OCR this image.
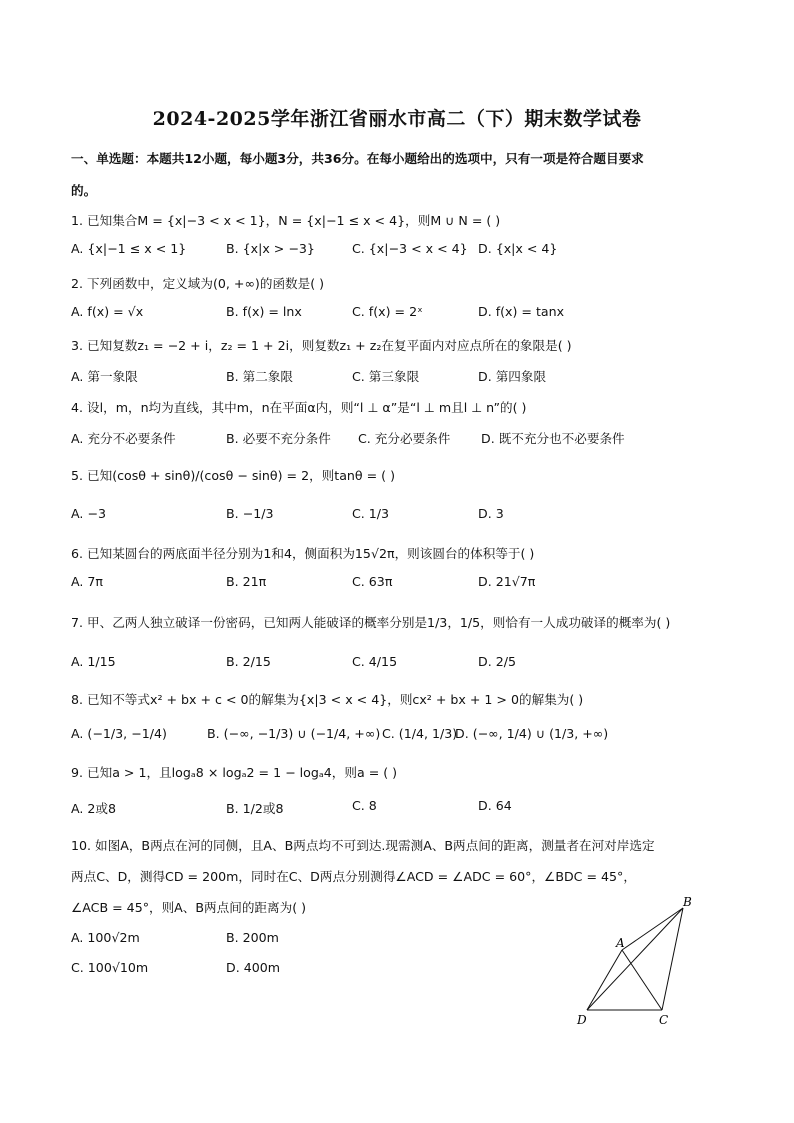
2024-2025学年浙江省丽水市高二（下）期末数学试卷
一、单选题：本题共12小题，每小题3分，共36分。在每小题给出的选项中，只有一项是符合题目要求
的。
1. 已知集合M = {x|−3 < x < 1}，N = {x|−1 ≤ x < 4}，则M ∪ N = ( )
A. {x|−1 ≤ x < 1}	B. {x|x > −3}	C. {x|−3 < x < 4} D. {x|x < 4}
2. 下列函数中，定义域为(0, +∞)的函数是( )
A. f(x) = √x	B. f(x) = lnx	C. f(x) = 2ˣ	D. f(x) = tanx
3. 已知复数z₁ = −2 + i，z₂ = 1 + 2i，则复数z₁ + z₂在复平面内对应点所在的象限是( )
A. 第一象限	B. 第二象限	C. 第三象限	D. 第四象限
4. 设l，m，n均为直线，其中m，n在平面α内，则“l ⊥ α”是“l ⊥ m且l ⊥ n”的( )
A. 充分不必要条件	B. 必要不充分条件 C. 充分必要条件 D. 既不充分也不必要条件
5. 已知(cosθ + sinθ)/(cosθ − sinθ) = 2，则tanθ = ( )
A. −3	B. −1/3	C. 1/3	D. 3
6. 已知某圆台的两底面半径分别为1和4，侧面积为15√2π，则该圆台的体积等于( )
A. 7π	B. 21π	C. 63π	D. 21√7π
7. 甲、乙两人独立破译一份密码，已知两人能破译的概率分别是1/3，1/5，则恰有一人成功破译的概率为( )
A. 1/15	B. 2/15	C. 4/15	D. 2/5
8. 已知不等式x² + bx + c < 0的解集为{x|3 < x < 4}，则cx² + bx + 1 > 0的解集为( )
A. (−1/3, −1/4)	B. (−∞, −1/3) ∪ (−1/4, +∞) C. (1/4, 1/3)
D. (−∞, 1/4) ∪ (1/3, +∞)
9. 已知a > 1，且logₐ8 × logₐ2 = 1 − logₐ4，则a = ( )
A. 2或8	B. 1/2或8	C. 8	D. 64
10. 如图A，B两点在河的同侧，且A、B两点均不可到达.现需测A、B两点间的距离，测量者在河对岸选定
两点C、D，测得CD = 200m，同时在C、D两点分别测得∠ACD = ∠ADC = 60°，∠BDC = 45°，
∠ACB = 45°，则A、B两点间的距离为( )
A. 100√2m	B. 200m
C. 100√10m	D. 400m
A
B
C
D
